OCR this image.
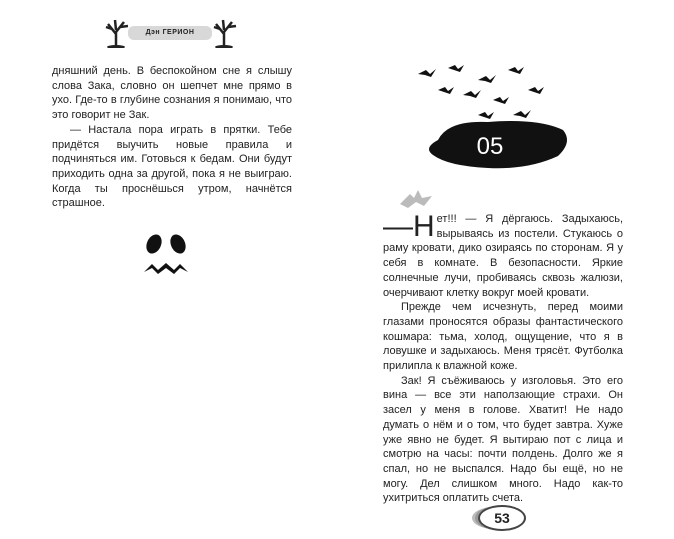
Дэн ГЕРИОН

дняшний день. В беспокойном сне я слышу слова Зака, словно он шепчет мне прямо в ухо. Где-то в глубине сознания я понимаю, что это говорит не Зак.

— Настала пора играть в прятки. Тебе придётся выучить новые правила и подчиняться им. Готовься к бедам. Они будут приходить одна за другой, пока я не выиграю. Когда ты проснёшься утром, начнётся страшное.

05

—Н ет!!! — Я дёргаюсь. Задыхаюсь, вырываясь из постели. Стукаюсь о раму кровати, дико озираясь по сторонам. Я у себя в комнате. В безопасности. Яркие солнечные лучи, пробиваясь сквозь жалюзи, очерчивают клетку вокруг моей кровати.

Прежде чем исчезнуть, перед моими глазами проносятся образы фантастического кошмара: тьма, холод, ощущение, что я в ловушке и задыхаюсь. Меня трясёт. Футболка прилипла к влажной коже.

Зак! Я съёживаюсь у изголовья. Это его вина — все эти наползающие страхи. Он засел у меня в голове. Хватит! Не надо думать о нём и о том, что будет завтра. Хуже уже явно не будет. Я вытираю пот с лица и смотрю на часы: почти полдень. Долго же я спал, но не выспался. Надо бы ещё, но не могу. Дел слишком много. Надо как-то ухитриться оплатить счета.

53
